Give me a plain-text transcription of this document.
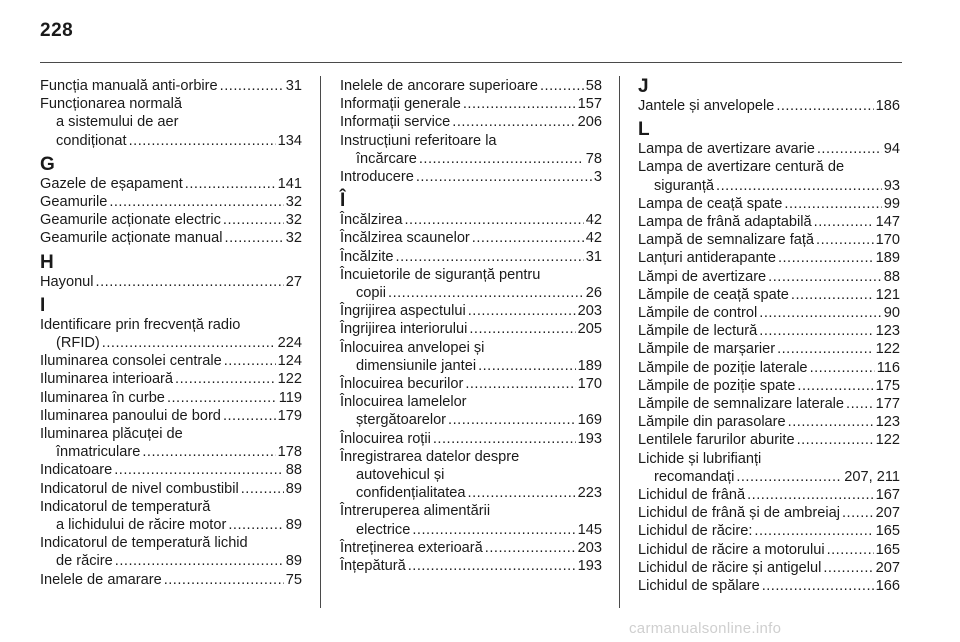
228
Funcția manuală anti-orbire .....	31
Funcționarea normală
a sistemului de aer
condiționat .....	134
G
Gazele de eșapament .....	141
Geamurile .....	32
Geamurile acționate electric .....	32
Geamurile acționate manual .....	32
H
Hayonul .....	27
I
Identificare prin frecvență radio
(RFID) .....	224
Iluminarea consolei centrale .....	124
Iluminarea interioară .....	122
Iluminarea în curbe .....	119
Iluminarea panoului de bord .....	179
Iluminarea plăcuței de
înmatriculare .....	178
Indicatoare .....	88
Indicatorul de nivel combustibil .....	89
Indicatorul de temperatură
a lichidului de răcire motor .....	89
Indicatorul de temperatură lichid
de răcire .....	89
Inelele de amarare .....	75
Inelele de ancorare superioare .....	58
Informații generale .....	157
Informații service .....	206
Instrucțiuni referitoare la
încărcare .....	78
Introducere .....	3
Î
Încălzirea .....	42
Încălzirea scaunelor .....	42
Încălzite .....	31
Încuietorile de siguranță pentru
copii .....	26
Îngrijirea aspectului .....	203
Îngrijirea interiorului .....	205
Înlocuirea anvelopei și
dimensiunile jantei .....	189
Înlocuirea becurilor .....	170
Înlocuirea lamelelor
ștergătoarelor .....	169
Înlocuirea roții .....	193
Înregistrarea datelor despre
autovehicul și
confidențialitatea .....	223
Întreruperea alimentării
electrice .....	145
Întreținerea exterioară .....	203
Înțepătură .....	193
J
Jantele și anvelopele .....	186
L
Lampa de avertizare avarie .....	94
Lampa de avertizare centură de
siguranță .....	93
Lampa de ceață spate .....	99
Lampa de frână adaptabilă .....	147
Lampă de semnalizare față .....	170
Lanțuri antiderapante .....	189
Lămpi de avertizare .....	88
Lămpile de ceață spate .....	121
Lămpile de control .....	90
Lămpile de lectură .....	123
Lămpile de marșarier .....	122
Lămpile de poziție laterale .....	116
Lămpile de poziție spate .....	175
Lămpile de semnalizare laterale ..... 177
Lămpile din parasolare .....	123
Lentilele farurilor aburite .....	122
Lichide și lubrifianți
recomandați .....	207, 211
Lichidul de frână .....	167
Lichidul de frână și de ambreiaj ..... 207
Lichidul de răcire: .....	165
Lichidul de răcire a motorului .....	165
Lichidul de răcire și antigelul .....	207
Lichidul de spălare .....	166
carmanualsonline.info
